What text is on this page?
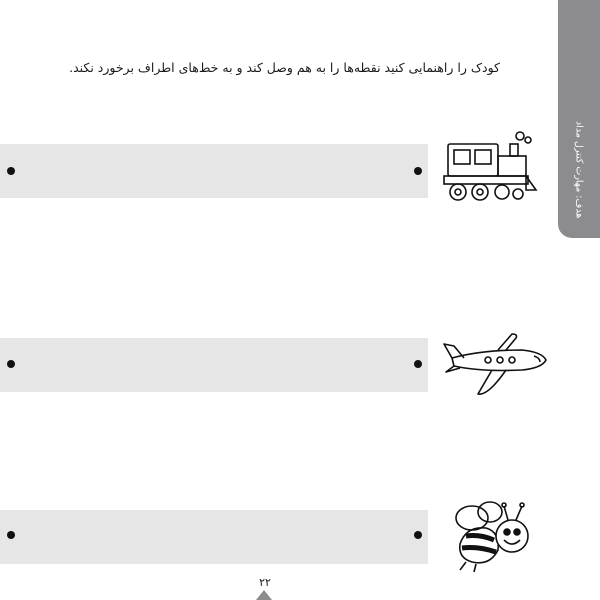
کودک را راهنمایی کنید نقطه‌ها را به هم وصل کند و به خط‌های اطراف برخورد نکند.
هدف: مهارت کنترل مداد
۲۲
